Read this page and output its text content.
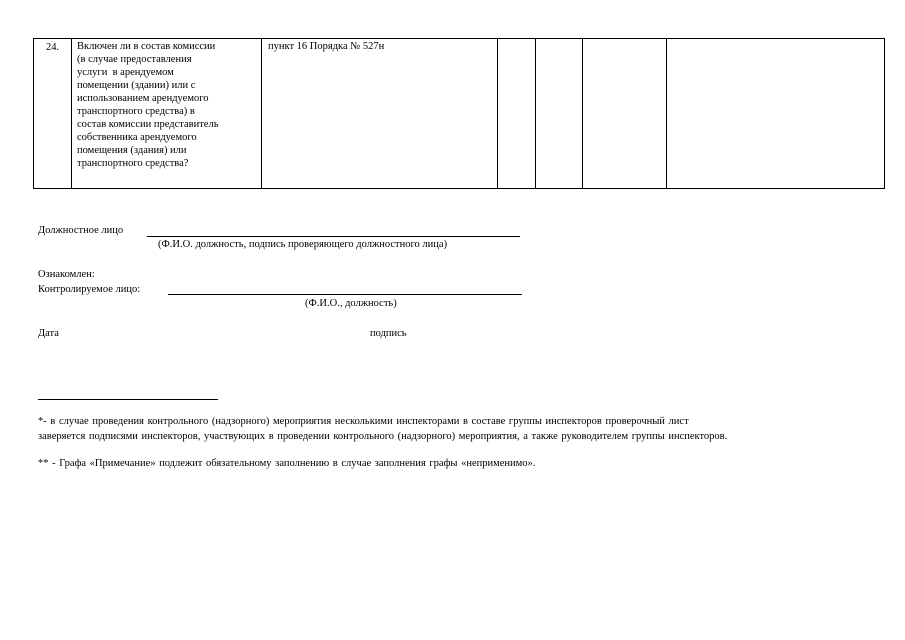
24.	Включен ли в состав комиссии
(в случае предоставления
услуги  в арендуемом
помещении (здании) или с
использованием арендуемого
транспортного средства) в
состав комиссии представитель
собственника арендуемого
помещения (здания) или
транспортного средства?
	пункт 16 Порядка № 527н				
Должностное лицо
(Ф.И.О. должность, подпись проверяющего должностного лица)
Ознакомлен:
Контролируемое лицо:
(Ф.И.О., должность)
Дата	подпись
*- в случае проведения контрольного (надзорного) мероприятия несколькими инспекторами в составе группы инспекторов проверочный лист
заверяется подписями инспекторов, участвующих в проведении контрольного (надзорного) мероприятия, а также руководителем группы инспекторов.
** - Графа «Примечание» подлежит обязательному заполнению в случае заполнения графы «неприменимо».
